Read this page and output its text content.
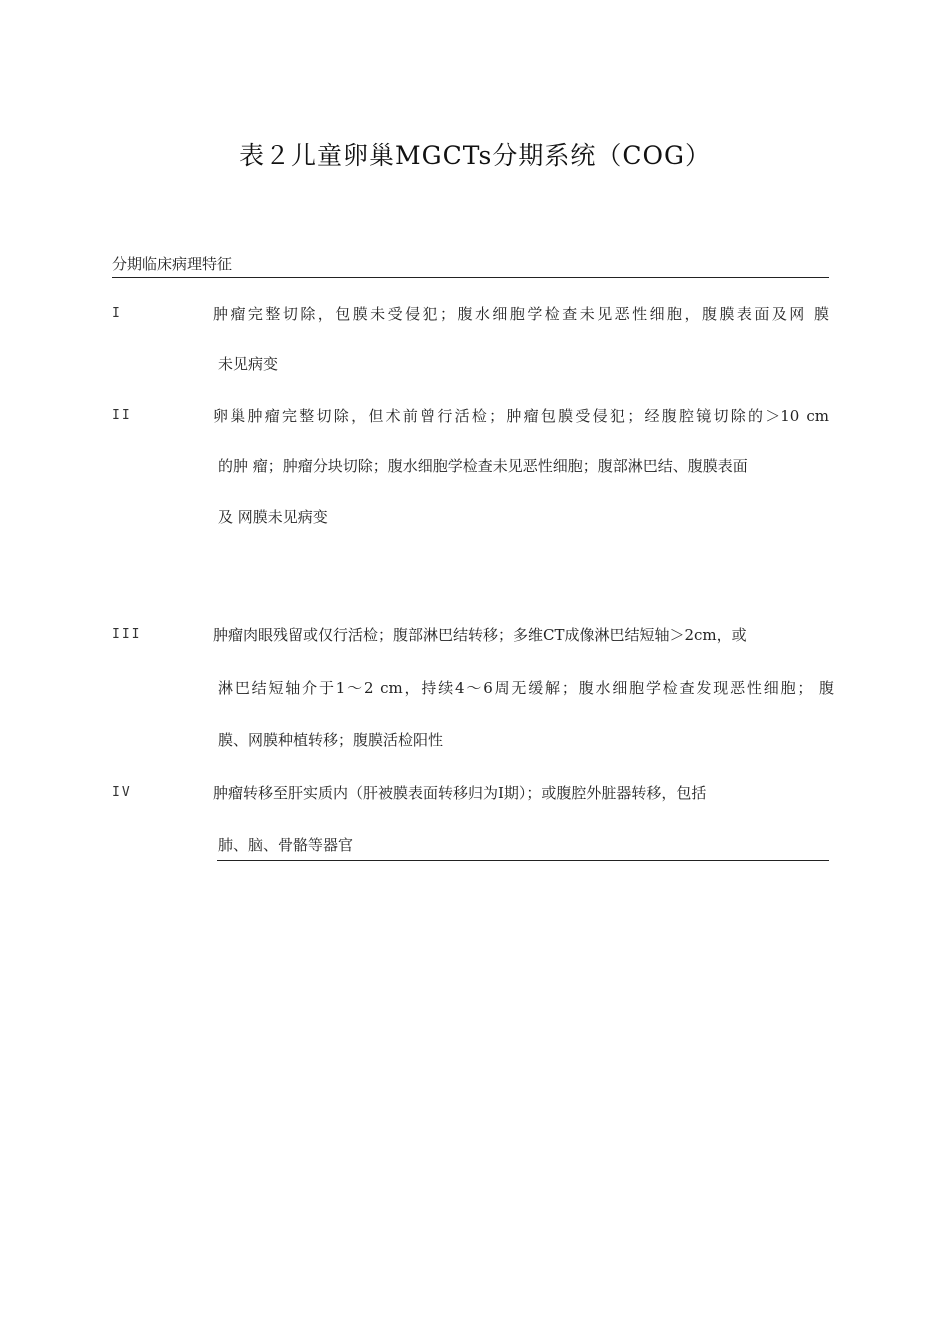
表２儿童卵巢MGCTs分期系统（COG）
分期临床病理特征
I	肿瘤完整切除，包膜未受侵犯；腹水细胞学检查未见恶性细胞，腹膜表面及网 膜
未见病变
II	卵巢肿瘤完整切除，但术前曾行活检；肿瘤包膜受侵犯；经腹腔镜切除的＞10 cm
的肿 瘤；肿瘤分块切除；腹水细胞学检查未见恶性细胞；腹部淋巴结、腹膜表面
及 网膜未见病变
III	肿瘤肉眼残留或仅行活检；腹部淋巴结转移；多维CT成像淋巴结短轴＞2cm，或
淋巴结短轴介于1〜2 cm，持续4〜6周无缓解；腹水细胞学检查发现恶性细胞； 腹
膜、网膜种植转移；腹膜活检阳性
IV	肿瘤转移至肝实质内（肝被膜表面转移归为I期）；或腹腔外脏器转移，包括
肺、脑、骨骼等器官
